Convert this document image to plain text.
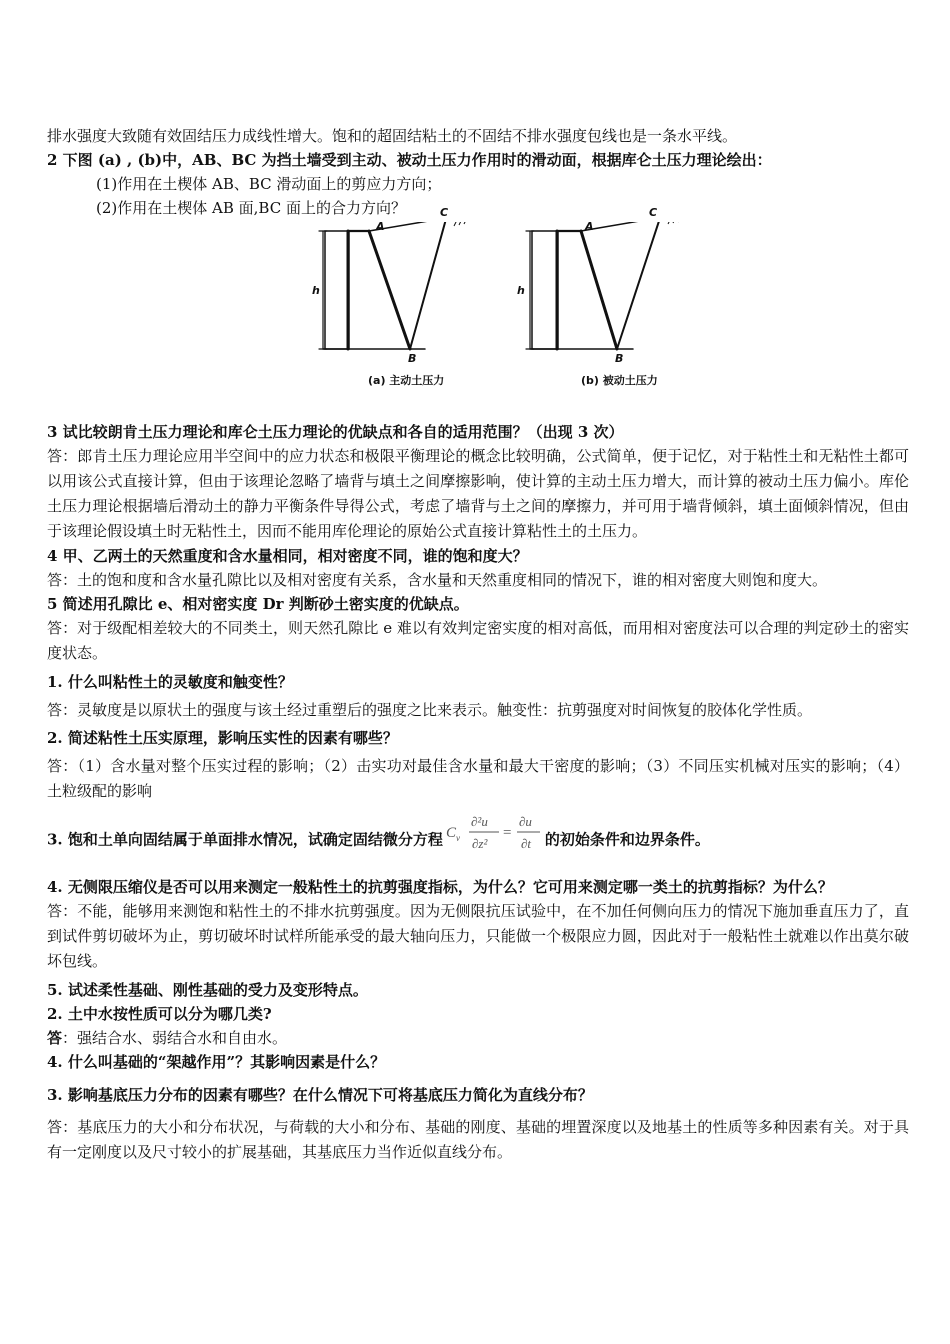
排水强度大致随有效固结压力成线性增大。饱和的超固结粘土的不固结不排水强度包线也是一条水平线。

2 下图 (a) , (b)中，AB、BC 为挡土墙受到主动、被动土压力作用时的滑动面，根据库仑土压力理论绘出：

(1)作用在土楔体 AB、BC 滑动面上的剪应力方向；

(2)作用在土楔体 AB 面,BC 面上的合力方向？

A
C
B
h
(a) 主动土压力
A
C
B
h
(b) 被动土压力

3 试比较朗肯土压力理论和库仑土压力理论的优缺点和各自的适用范围？（出现 3 次）

答：郎肯土压力理论应用半空间中的应力状态和极限平衡理论的概念比较明确，公式简单，便于记忆，对于粘性土和无粘性土都可以用该公式直接计算，但由于该理论忽略了墙背与填土之间摩擦影响，使计算的主动土压力增大，而计算的被动土压力偏小。库伦土压力理论根据墙后滑动土的静力平衡条件导得公式，考虑了墙背与土之间的摩擦力，并可用于墙背倾斜，填土面倾斜情况，但由于该理论假设填土时无粘性土，因而不能用库伦理论的原始公式直接计算粘性土的土压力。

4 甲、乙两土的天然重度和含水量相同，相对密度不同，谁的饱和度大？

答：土的饱和度和含水量孔隙比以及相对密度有关系，含水量和天然重度相同的情况下，谁的相对密度大则饱和度大。

5 简述用孔隙比 e、相对密实度 Dr 判断砂土密实度的优缺点。

答：对于级配相差较大的不同类土，则天然孔隙比 e 难以有效判定密实度的相对高低，而用相对密度法可以合理的判定砂土的密实度状态。

1. 什么叫粘性土的灵敏度和触变性？

答：灵敏度是以原状土的强度与该土经过重塑后的强度之比来表示。触变性：抗剪强度对时间恢复的胶体化学性质。

2. 简述粘性土压实原理，影响压实性的因素有哪些？

答：（1）含水量对整个压实过程的影响；（2）击实功对最佳含水量和最大干密度的影响；（3）不同压实机械对压实的影响；（4）土粒级配的影响

3. 饱和土单向固结属于单面排水情况，试确定固结微分方程 C v
∂²u
∂z²
=
∂u
∂t 的初始条件和边界条件。

4. 无侧限压缩仪是否可以用来测定一般粘性土的抗剪强度指标，为什么？它可用来测定哪一类土的抗剪指标？为什么？

答：不能，能够用来测饱和粘性土的不排水抗剪强度。因为无侧限抗压试验中，在不加任何侧向压力的情况下施加垂直压力了，直到试件剪切破坏为止，剪切破坏时试样所能承受的最大轴向压力，只能做一个极限应力圆，因此对于一般粘性土就难以作出莫尔破坏包线。

5. 试述柔性基础、刚性基础的受力及变形特点。

2. 土中水按性质可以分为哪几类?

答：强结合水、弱结合水和自由水。

4. 什么叫基础的“架越作用”？其影响因素是什么？

3. 影响基底压力分布的因素有哪些？在什么情况下可将基底压力简化为直线分布？

答：基底压力的大小和分布状况，与荷载的大小和分布、基础的刚度、基础的埋置深度以及地基土的性质等多种因素有关。对于具有一定刚度以及尺寸较小的扩展基础，其基底压力当作近似直线分布。
